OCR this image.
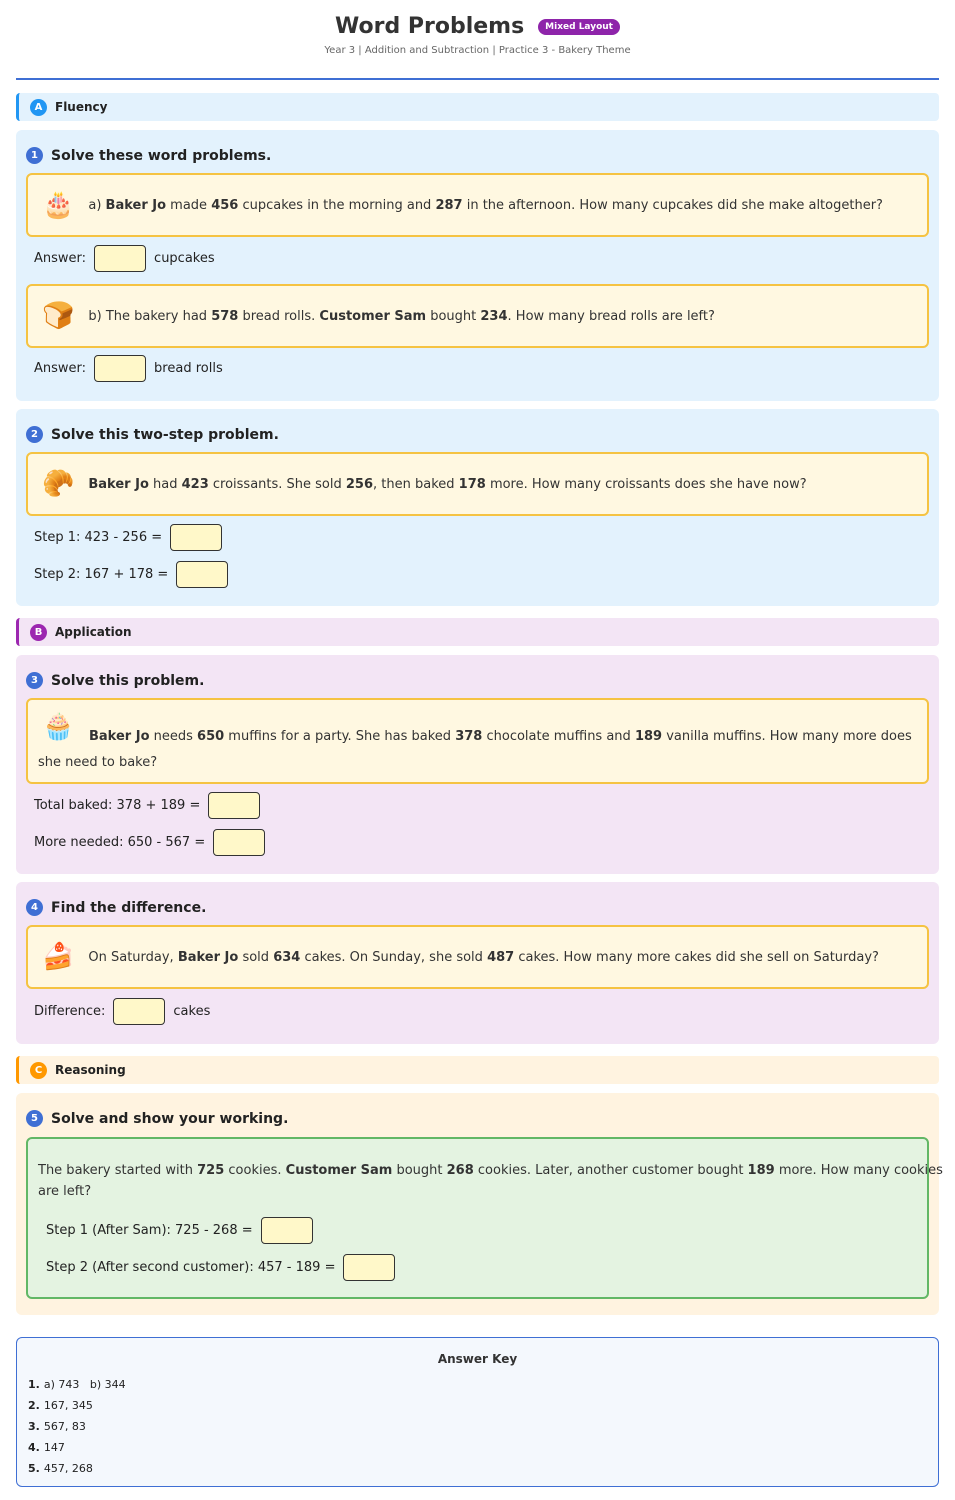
Word Problems	Mixed Layout
Year 3 | Addition and Subtraction | Practice 3 - Bakery Theme
A	Fluency
1 Solve these word problems.
🎂 a) Baker Jo made 456 cupcakes in the morning and 287 in the afternoon. How many cupcakes did she make altogether?
Answer:	cupcakes
🍞 b) The bakery had 578 bread rolls. Customer Sam bought 234. How many bread rolls are left?
Answer:	bread rolls
2 Solve this two-step problem.
🥐 Baker Jo had 423 croissants. She sold 256, then baked 178 more. How many croissants does she have now?
Step 1: 423 - 256 =
Step 2: 167 + 178 =
B	Application
3 Solve this problem.
🧁 Baker Jo needs 650 muffins for a party. She has baked 378 chocolate muffins and 189 vanilla muffins. How many more does
she need to bake?
Total baked: 378 + 189 =
More needed: 650 - 567 =
4 Find the difference.
🍰 On Saturday, Baker Jo sold 634 cakes. On Sunday, she sold 487 cakes. How many more cakes did she sell on Saturday?
Difference:	cakes
C	Reasoning
5 Solve and show your working.
The bakery started with 725 cookies. Customer Sam bought 268 cookies. Later, another customer bought 189 more. How many cookies
are left?
Step 1 (After Sam): 725 - 268 =
Step 2 (After second customer): 457 - 189 =
Answer Key
1. a) 743   b) 344
2. 167, 345
3. 567, 83
4. 147
5. 457, 268
